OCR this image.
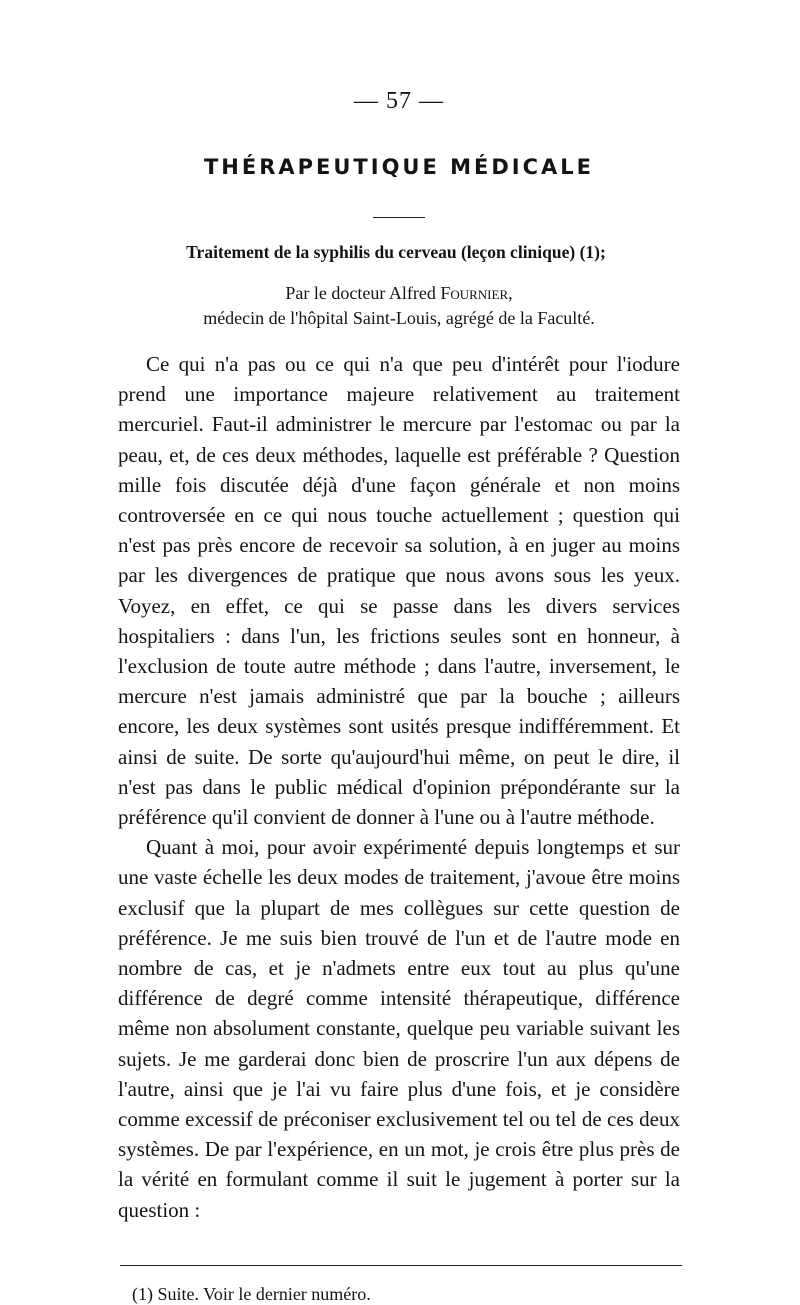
— 57 —
THÉRAPEUTIQUE MÉDICALE
Traitement de la syphilis du cerveau (leçon clinique) (1);

Par le docteur Alfred Fournier,

médecin de l'hôpital Saint-Louis, agrégé de la Faculté.

Ce qui n'a pas ou ce qui n'a que peu d'intérêt pour l'iodure prend une importance majeure relativement au traitement mercuriel. Faut-il administrer le mercure par l'estomac ou par la peau, et, de ces deux méthodes, laquelle est préférable ? Question mille fois discutée déjà d'une façon générale et non moins controversée en ce qui nous touche actuellement ; question qui n'est pas près encore de recevoir sa solution, à en juger au moins par les divergences de pratique que nous avons sous les yeux. Voyez, en effet, ce qui se passe dans les divers services hospitaliers : dans l'un, les frictions seules sont en honneur, à l'exclusion de toute autre méthode ; dans l'autre, inversement, le mercure n'est jamais administré que par la bouche ; ailleurs encore, les deux systèmes sont usités presque indifféremment. Et ainsi de suite. De sorte qu'aujourd'hui même, on peut le dire, il n'est pas dans le public médical d'opinion prépondérante sur la préférence qu'il convient de donner à l'une ou à l'autre méthode.

Quant à moi, pour avoir expérimenté depuis longtemps et sur une vaste échelle les deux modes de traitement, j'avoue être moins exclusif que la plupart de mes collègues sur cette question de préférence. Je me suis bien trouvé de l'un et de l'autre mode en nombre de cas, et je n'admets entre eux tout au plus qu'une différence de degré comme intensité thérapeutique, différence même non absolument constante, quelque peu variable suivant les sujets. Je me garderai donc bien de proscrire l'un aux dépens de l'autre, ainsi que je l'ai vu faire plus d'une fois, et je considère comme excessif de préconiser exclusivement tel ou tel de ces deux systèmes. De par l'expérience, en un mot, je crois être plus près de la vérité en formulant comme il suit le jugement à porter sur la question :

(1) Suite. Voir le dernier numéro.
